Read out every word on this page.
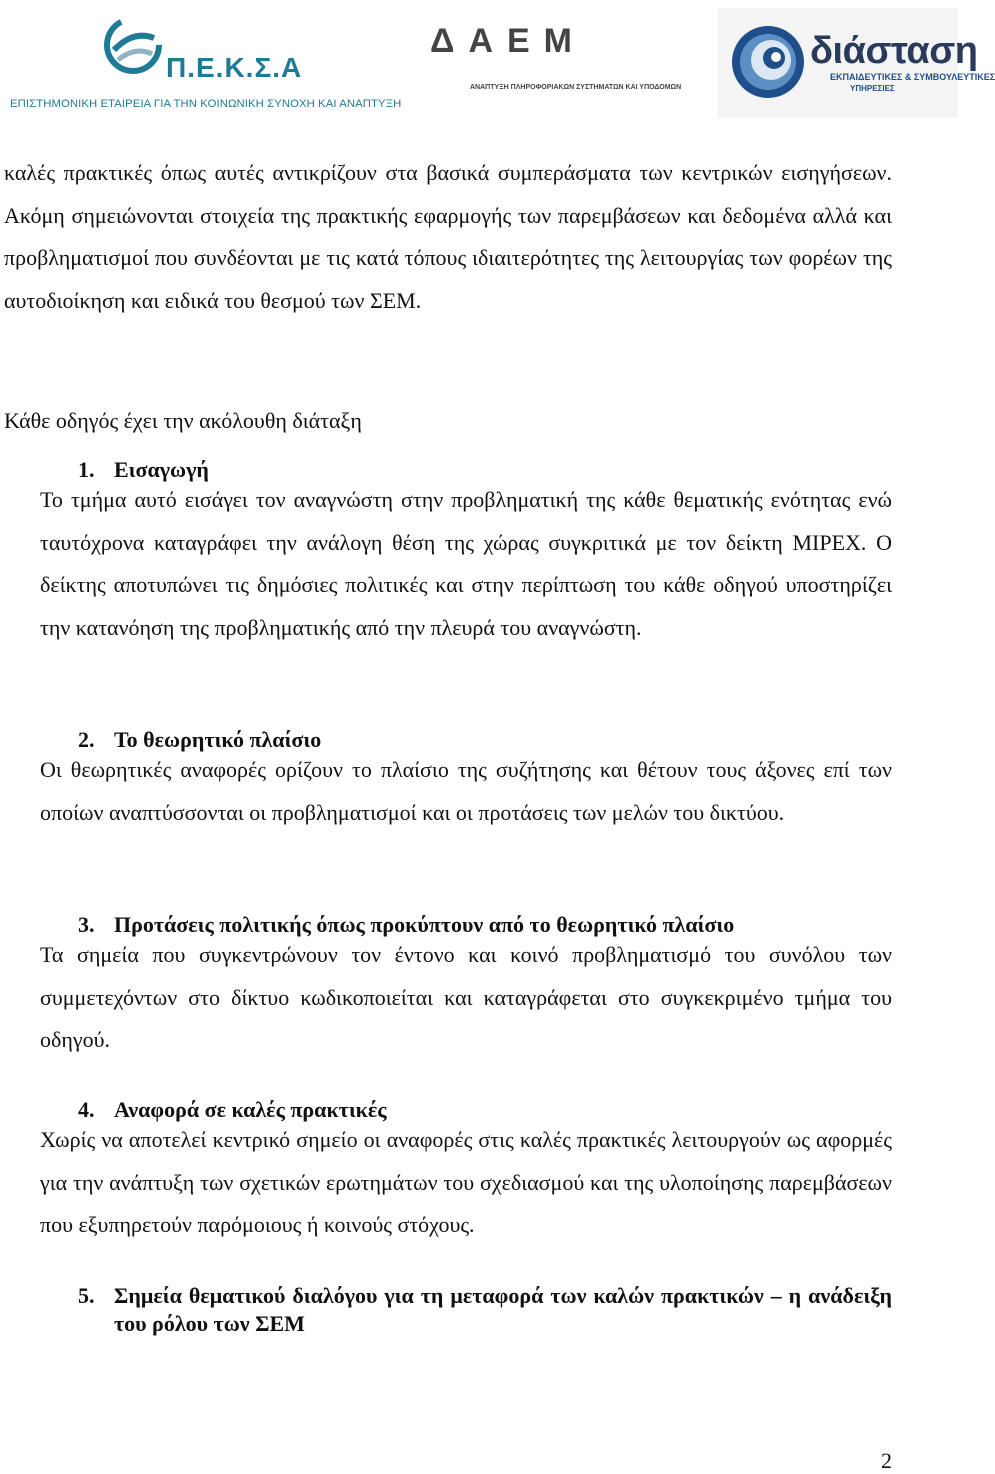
Π.Ε.Κ.Σ.Α
ΕΠΙΣΤΗΜΟΝΙΚΗ ΕΤΑΙΡΕΙΑ ΓΙΑ ΤΗΝ ΚΟΙΝΩΝΙΚΗ ΣΥΝΟΧΗ ΚΑΙ ΑΝΑΠΤΥΞΗ
ΔΑΕΜ
ΑΝΑΠΤΥΞΗ ΠΛΗΡΟΦΟΡΙΑΚΩΝ ΣΥΣΤΗΜΑΤΩΝ ΚΑΙ ΥΠΟΔΟΜΩΝ
διάσταση
ΕΚΠΑΙΔΕΥΤΙΚΕΣ & ΣΥΜΒΟΥΛΕΥΤΙΚΕΣ
ΥΠΗΡΕΣΙΕΣ
καλές πρακτικές όπως αυτές αντικρίζουν στα βασικά συμπεράσματα των κεντρικών εισηγήσεων. Ακόμη σημειώνονται στοιχεία της πρακτικής εφαρμογής των παρεμβάσεων και δεδομένα αλλά και προβληματισμοί που συνδέονται με τις κατά τόπους ιδιαιτερότητες της λειτουργίας των φορέων της αυτοδιοίκηση και ειδικά του θεσμού των ΣΕΜ.
Κάθε οδηγός έχει την ακόλουθη διάταξη
1. Εισαγωγή
Το τμήμα αυτό εισάγει τον αναγνώστη στην προβληματική της κάθε θεματικής ενότητας ενώ ταυτόχρονα καταγράφει την ανάλογη θέση της χώρας συγκριτικά με τον δείκτη MIPEX. Ο δείκτης αποτυπώνει τις δημόσιες πολιτικές και στην περίπτωση του κάθε οδηγού υποστηρίζει την κατανόηση της προβληματικής από την πλευρά του αναγνώστη.
2. Το θεωρητικό πλαίσιο
Οι θεωρητικές αναφορές ορίζουν το πλαίσιο της συζήτησης και θέτουν τους άξονες επί των οποίων αναπτύσσονται οι προβληματισμοί και οι προτάσεις των μελών του δικτύου.
3. Προτάσεις πολιτικής όπως προκύπτουν από το θεωρητικό πλαίσιο
Τα σημεία που συγκεντρώνουν τον έντονο και κοινό προβληματισμό του συνόλου των συμμετεχόντων στο δίκτυο κωδικοποιείται και καταγράφεται στο συγκεκριμένο τμήμα του οδηγού.
4. Αναφορά σε καλές πρακτικές
Χωρίς να αποτελεί κεντρικό σημείο οι αναφορές στις καλές πρακτικές λειτουργούν ως αφορμές για την ανάπτυξη των σχετικών ερωτημάτων του σχεδιασμού και της υλοποίησης παρεμβάσεων που εξυπηρετούν παρόμοιους ή κοινούς στόχους.
5. Σημεία θεματικού διαλόγου για τη μεταφορά των καλών πρακτικών – η ανάδειξη του ρόλου των ΣΕΜ
2
